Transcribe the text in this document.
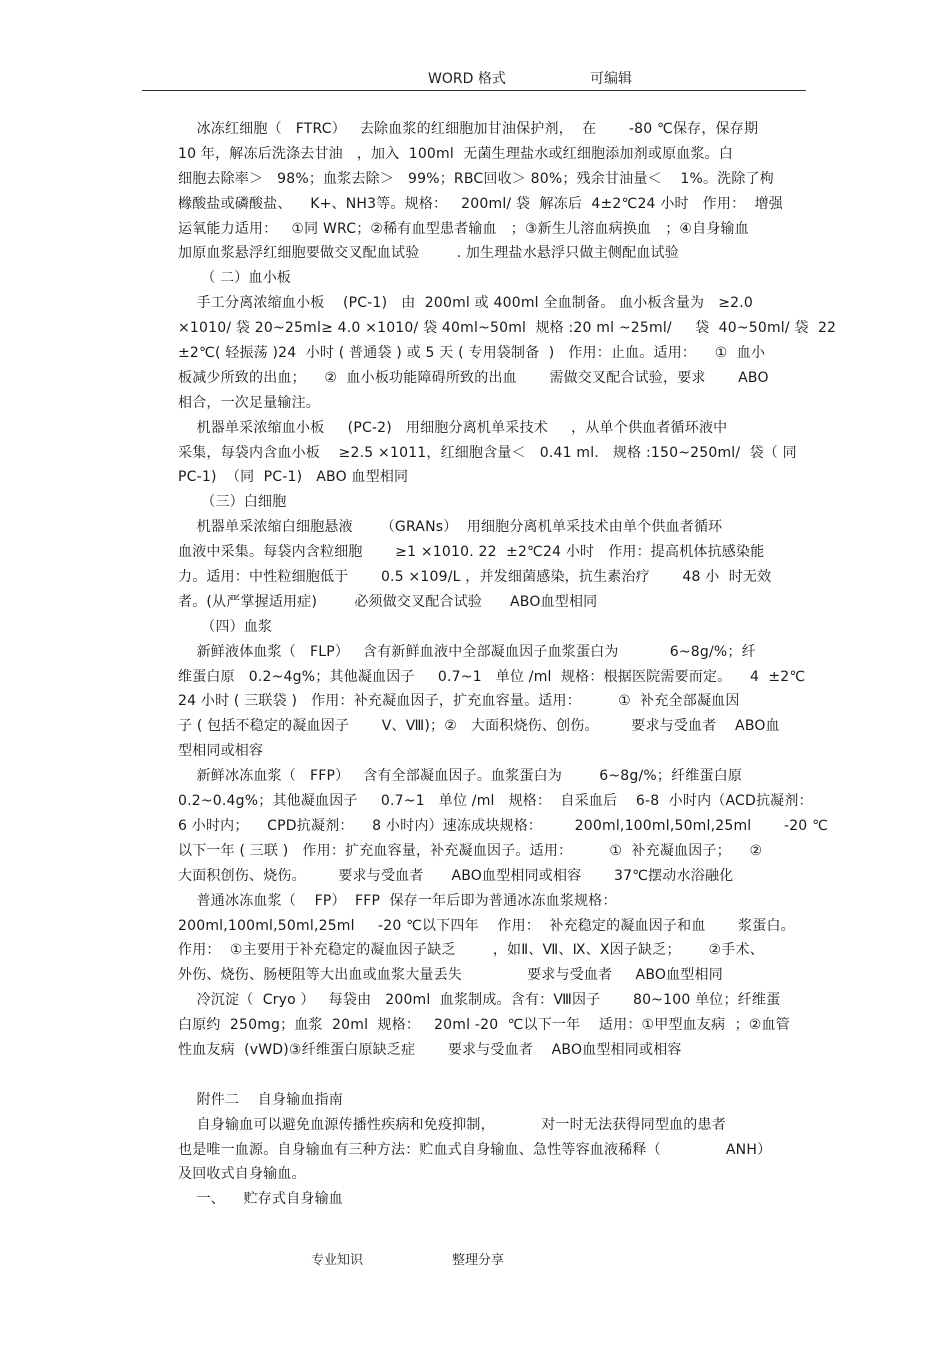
WORD 格式	可编辑
冰冻红细胞（   FTRC）   去除血浆的红细胞加甘油保护剂，  在       -80 ℃保存，保存期
10 年，解冻后洗涤去甘油   ，加入  100ml  无菌生理盐水或红细胞添加剂或原血浆。白
细胞去除率＞   98%；血浆去除＞   99%；RBC回收＞ 80%；残余甘油量＜    1%。洗除了枸
橼酸盐或磷酸盐、    K+、NH3等。规格：   200ml/ 袋  解冻后  4±2℃24 小时   作用：  增强
运氧能力适用：   ①同 WRC；②稀有血型患者输血   ；③新生儿溶血病换血   ；④自身输血
加原血浆悬浮红细胞要做交叉配血试验        . 加生理盐水悬浮只做主侧配血试验
（ 二）血小板
手工分离浓缩血小板    (PC-1)   由  200ml 或 400ml 全血制备。 血小板含量为   ≥2.0
×1010/ 袋 20~25ml≥ 4.0 ×1010/ 袋 40ml~50ml  规格 :20 ml ~25ml/     袋  40~50ml/ 袋  22
±2℃( 轻振荡 )24  小时 ( 普通袋 ) 或 5 天 ( 专用袋制备  )   作用：止血。适用：    ①  血小
板减少所致的出血；    ②  血小板功能障碍所致的出血       需做交叉配合试验，要求       ABO
相合，一次足量输注。
机器单采浓缩血小板     (PC-2)   用细胞分离机单采技术     ，从单个供血者循环液中
采集，每袋内含血小板    ≥2.5 ×1011，红细胞含量＜   0.41 ml.   规格 :150~250ml/  袋（ 同
PC-1)  （同  PC-1)   ABO 血型相同
（三）白细胞
机器单采浓缩白细胞悬液      （GRANs）  用细胞分离机单采技术由单个供血者循环
血液中采集。每袋内含粒细胞       ≥1 ×1010. 22  ±2℃24 小时   作用：提高机体抗感染能
力。适用：中性粒细胞低于       0.5 ×109/L ，并发细菌感染，抗生素治疗       48 小  时无效
者。(从严掌握适用症)        必须做交叉配合试验      ABO血型相同
（四）血浆
新鲜液体血浆（   FLP）   含有新鲜血液中全部凝血因子血浆蛋白为           6~8g/%；纤
维蛋白原   0.2~4g%；其他凝血因子     0.7~1   单位 /ml  规格：根据医院需要而定。    4  ±2℃
24 小时 ( 三联袋 )   作用：补充凝血因子，扩充血容量。适用：        ①  补充全部凝血因
子 ( 包括不稳定的凝血因子       V、Ⅷ)；②   大面积烧伤、创伤。       要求与受血者    ABO血
型相同或相容
新鲜冰冻血浆（   FFP）   含有全部凝血因子。血浆蛋白为        6~8g/%；纤维蛋白原
0.2~0.4g%；其他凝血因子     0.7~1   单位 /ml   规格：  自采血后    6-8  小时内（ACD抗凝剂：
6 小时内；    CPD抗凝剂：    8 小时内）速冻成块规格：       200ml,100ml,50ml,25ml       -20 ℃
以下一年 ( 三联 )   作用：扩充血容量，补充凝血因子。适用：        ①  补充凝血因子；    ②
大面积创伤、烧伤。       要求与受血者      ABO血型相同或相容       37℃摆动水浴融化
普通冰冻血浆（    FP）  FFP  保存一年后即为普通冰冻血浆规格：
200ml,100ml,50ml,25ml     -20 ℃以下四年    作用：  补充稳定的凝血因子和血       浆蛋白。
作用：  ①主要用于补充稳定的凝血因子缺乏        ，如Ⅱ、Ⅶ、Ⅸ、Ⅹ因子缺乏；      ②手术、
外伤、烧伤、肠梗阻等大出血或血浆大量丢失              要求与受血者     ABO血型相同
冷沉淀（  Cryo ）   每袋由   200ml  血浆制成。含有：Ⅷ因子       80~100 单位；纤维蛋
白原约  250mg；血浆  20ml  规格：   20ml -20  ℃以下一年    适用：①甲型血友病  ；②血管
性血友病  (vWD)③纤维蛋白原缺乏症       要求与受血者    ABO血型相同或相容
附件二    自身输血指南
自身输血可以避免血源传播性疾病和免疫抑制，          对一时无法获得同型血的患者
也是唯一血源。自身输血有三种方法：贮血式自身输血、急性等容血液稀释（              ANH）
及回收式自身输血。
一、    贮存式自身输血
专业知识	整理分享
